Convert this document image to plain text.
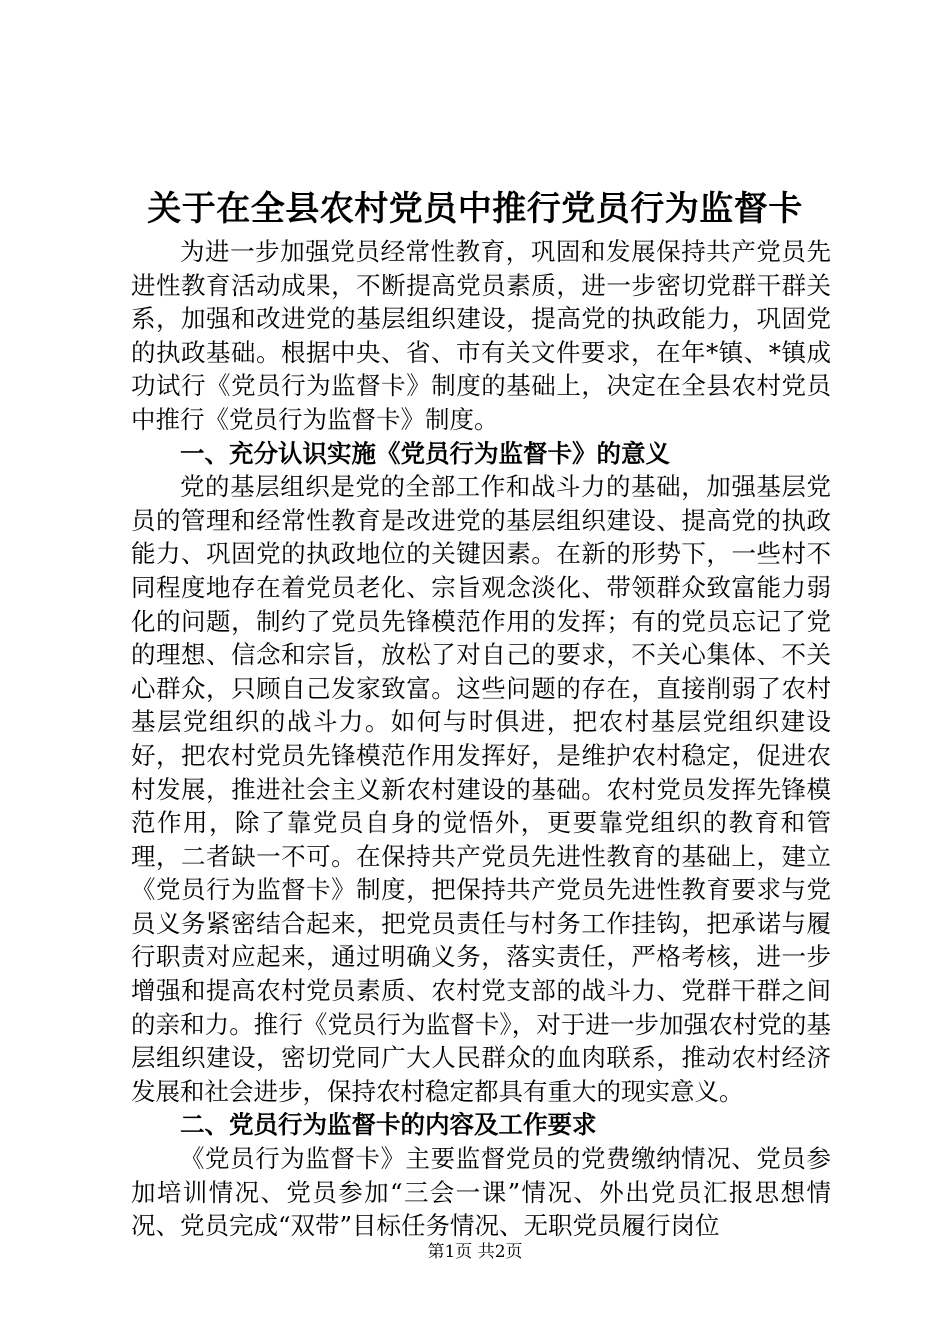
关于在全县农村党员中推行党员行为监督卡

为进一步加强党员经常性教育，巩固和发展保持共产党员先进性教育活动成果，不断提高党员素质，进一步密切党群干群关系，加强和改进党的基层组织建设，提高党的执政能力，巩固党的执政基础。根据中央、省、市有关文件要求，在年*镇、*镇成功试行《党员行为监督卡》制度的基础上，决定在全县农村党员中推行《党员行为监督卡》制度。

一、充分认识实施《党员行为监督卡》的意义

党的基层组织是党的全部工作和战斗力的基础，加强基层党员的管理和经常性教育是改进党的基层组织建设、提高党的执政能力、巩固党的执政地位的关键因素。在新的形势下，一些村不同程度地存在着党员老化、宗旨观念淡化、带领群众致富能力弱化的问题，制约了党员先锋模范作用的发挥；有的党员忘记了党的理想、信念和宗旨，放松了对自己的要求，不关心集体、不关心群众，只顾自己发家致富。这些问题的存在，直接削弱了农村基层党组织的战斗力。如何与时俱进，把农村基层党组织建设好，把农村党员先锋模范作用发挥好，是维护农村稳定，促进农村发展，推进社会主义新农村建设的基础。农村党员发挥先锋模范作用，除了靠党员自身的觉悟外，更要靠党组织的教育和管理，二者缺一不可。在保持共产党员先进性教育的基础上，建立《党员行为监督卡》制度，把保持共产党员先进性教育要求与党员义务紧密结合起来，把党员责任与村务工作挂钩，把承诺与履行职责对应起来，通过明确义务，落实责任，严格考核，进一步增强和提高农村党员素质、农村党支部的战斗力、党群干群之间的亲和力。推行《党员行为监督卡》，对于进一步加强农村党的基层组织建设，密切党同广大人民群众的血肉联系，推动农村经济发展和社会进步，保持农村稳定都具有重大的现实意义。

二、党员行为监督卡的内容及工作要求

《党员行为监督卡》主要监督党员的党费缴纳情况、党员参加培训情况、党员参加“三会一课”情况、外出党员汇报思想情况、党员完成“双带”目标任务情况、无职党员履行岗位

第1页 共2页
